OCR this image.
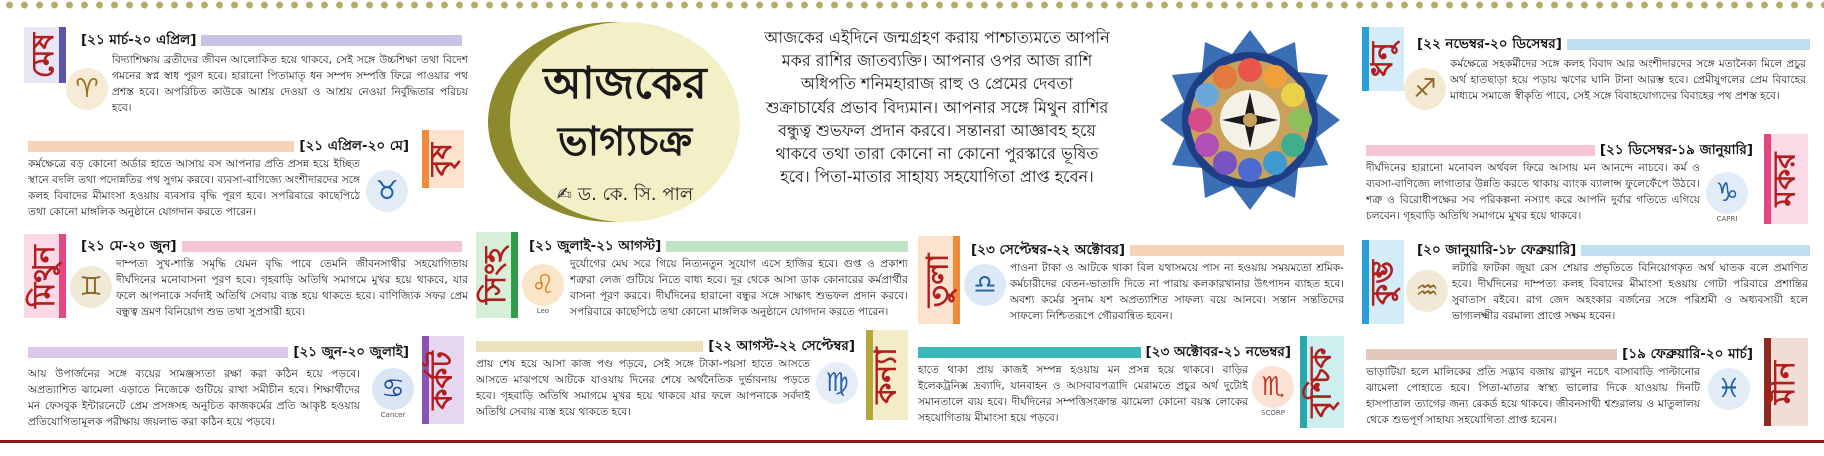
মেষ	[২১ মার্চ-২০ এপ্রিল]
♈
বিদ্যাশিক্ষায় ব্রতীদের জীবন আলোকিত হয়ে থাকবে, সেই সঙ্গে উচ্চশিক্ষা তথা বিদেশ গমনের স্বপ্ন স্বাধ পূরণ হবে। হারানো পিতামাতৃ ধন সম্পদ সম্পত্তি ফিরে পাওয়ার পথ প্রশস্ত হবে। অপরিচিত কাউকে আশ্রয় দেওয়া ও আশ্রয় নেওয়া নির্বুদ্ধিতার পরিচয় হবে।
[২১ এপ্রিল-২০ মে] বৃষ
কর্মক্ষেত্রে বড় কোনো অর্ডার হাতে আসায় বস আপনার প্রতি প্রসন্ন হয়ে ইচ্ছিত স্থানে বদলি তথা পদোন্নতির পথ সুগম করবে। ব্যবসা-বাণিজ্যে অংশীদারদের সঙ্গে কলহ বিবাদের মীমাংসা হওয়ায় ব্যবসার বৃদ্ধি পূরণ হবে। সপরিবারে কাছেপিঠে তথা কোনো মাঙ্গলিক অনুষ্ঠানে যোগদান করতে পারেন।
♉
মিথুন	[২১ মে-২০ জুন]
♊
দাম্পত্য সুখ-শান্তি সমৃদ্ধি যেমন বৃদ্ধি পাবে তেমনি জীবনসাথীর সহযোগিতায় দীর্ঘদিনের মনোবাসনা পূরণ হবে। গৃহবাড়ি অতিথি সমাগমে মুখর হয়ে থাকবে, যার ফলে আপনাকে সর্বদাই অতিথি সেবায় ব্যস্ত হয়ে থাকতে হবে। বাণিজ্যিক সফর প্রেম বন্ধুত্ব ভ্রমণ বিনিয়োগ শুভ তথা সুপ্রসারী হবে।
[২১ জুন-২০ জুলাই] কর্কট
আয় উপার্জনের সঙ্গে ব্যয়ের সামঞ্জস্যতা রক্ষা করা কঠিন হয়ে পড়বে। অপ্রত্যাশিত ঝামেলা এড়াতে নিজেকে গুটিয়ে রাখা সমীচীন হবে। শিক্ষার্থীদের মন ফেসবুক ইন্টারনেটে প্রেম প্রসঙ্গসহ অনুচিত কাজকর্মের প্রতি আকৃষ্ট হওয়ায় প্রতিযোগিতামূলক পরীক্ষায় জয়লাভ করা কঠিন হয়ে পড়বে।
♋
Cancer
আজকের
ভাগ্যচক্র
✍ ড. কে. সি. পাল
আজকের এইদিনে জন্মগ্রহণ করায় পাশ্চাত্যমতে আপনি মকর রাশির জাতব্যক্তি। আপনার ওপর আজ রাশি অধিপতি শনিমহারাজ রাহু ও প্রেমের দেবতা শুক্রাচার্যের প্রভাব বিদ্যমান। আপনার সঙ্গে মিথুন রাশির বন্ধুত্ব শুভফল প্রদান করবে। সন্তানরা আজ্ঞাবহ হয়ে থাকবে তথা তারা কোনো না কোনো পুরস্কারে ভূষিত হবে। পিতা-মাতার সাহায্য সহযোগিতা প্রাপ্ত হবেন।
সিংহ ♌
Leo
[২১ জুলাই-২১ আগস্ট]
দুর্যোগের মেঘ সরে গিয়ে নিত্যনতুন সুযোগ এসে হাজির হবে। গুপ্ত ও প্রকাশ্য শত্রুরা লেজ গুটিয়ে নিতে বাধ্য হবে। দূর থেকে আসা ডাক কোনারের কর্মপ্রার্থীর বাসনা পূরণ করবে। দীর্ঘদিনের হারানো বন্ধুর সঙ্গে সাক্ষাৎ শুভফল প্রদান করবে। সপরিবারে কাছেপিঠে তথা কোনো মাঙ্গলিক অনুষ্ঠানে যোগদান করতে পারেন।
[২২ আগস্ট-২২ সেপ্টেম্বর]
কন্যা
প্রায় শেষ হয়ে আসা কাজ পণ্ড পড়বে, সেই সঙ্গে টাকা-পয়সা হাতে আসতে আসতে মাঝপথে আটকে যাওয়ায় দিনের শেষে অর্থনৈতিক দুর্ভাবনায় পড়তে হবে। গৃহবাড়ি অতিথি সমাগমে মুখর হয়ে থাকবে যার ফলে আপনাকে সর্বদাই অতিথি সেবায় ব্যস্ত হয়ে থাকতে হবে।
♍
তুলা ♎
[২৩ সেপ্টেম্বর-২২ অক্টোবর]
পাওনা টাকা ও আটকে থাকা বিল যথাসময়ে পাস না হওয়ায় সময়মতো শ্রমিক-কর্মচারীদের বেতন-ভাতাদি দিতে না পারায় কলকারখানার উৎপাদন ব্যাহত হবে। অবশ্য কর্মের সুনাম যশ অপ্রত্যাশিত সাফল্য বয়ে আনবে। সন্তান সন্ততিদের সাফল্যে নিশ্চিতরূপে গৌরবান্বিত হবেন।
[২৩ অক্টোবর-২১ নভেম্বর] বৃশ্চিক
হাতে থাকা প্রায় কাজই সম্পন্ন হওয়ায় মন প্রসন্ন হয়ে থাকবে। বাড়ির ইলেকট্রনিক্স দ্রব্যাদি, যানবাহন ও আসবাবপত্রাদি মেরামতে প্রচুর অর্থ দুটোই সমানতালে ব্যয় হবে। দীর্ঘদিনের সম্পত্তিসংক্রান্ত ঝামেলা কোনো বয়স্ক লোকের সহযোগিতায় মীমাংসা হয়ে পড়বে।
♏
SCORP
ধনু	[২২ নভেম্বর-২০ ডিসেম্বর]
♐
কর্মক্ষেত্রে সহকর্মীদের সঙ্গে কলহ বিবাদ আর অংশীদারদের সঙ্গে মতানৈক্য মিলে প্রচুর অর্থ হাতছাড়া হয়ে পড়ায় ঋণের ঘানি টানা আরম্ভ হবে। প্রেমীযুগলের প্রেম বিবাহের মাধ্যমে সমাজে স্বীকৃতি পাবে, সেই সঙ্গে বিবাহযোগ্যদের বিবাহের পথ প্রশস্ত হবে।
[২১ ডিসেম্বর-১৯ জানুয়ারি]
মকর
দীর্ঘদিনের হারানো মনোবল অর্থবল ফিরে আসায় মন আনন্দে নাচবে। কর্ম ও ব্যবসা-বাণিজ্যে লাগাতার উন্নতি করতে থাকায় ব্যাংক ব্যালান্স ফুলেফেঁপে উঠবে। শত্রু ও বিরোধীপক্ষের সব পরিকল্পনা নস্যাৎ করে আপনি দুর্বার গতিতে এগিয়ে চলবেন। গৃহবাড়ি অতিথি সমাগমে মুখর হয়ে থাকবে।
♑
CAPRI
কুম্ভ
[২০ জানুয়ারি-১৮ ফেব্রুয়ারি]
♒
লটারি ফাটকা জুয়া রেস শেয়ার প্রভৃতিতে বিনিয়োগকৃত অর্থ ঘাতক বলে প্রমাণিত হবে। দীর্ঘদিনের দাম্পত্য কলহ বিবাদের মীমাংসা হওয়ায় গোটা পরিবারে প্রশান্তির সুবাতাস বইবে। রাগ জেদ অহংকার বর্জনের সঙ্গে পরিশ্রমী ও অধ্যবসায়ী হলে ভাগ্যলক্ষ্মীর বরমাল্য প্রাপ্তে সক্ষম হবেন।
[১৯ ফেব্রুয়ারি-২০ মার্চ]
মীন
ভাড়াটিয়া হলে মালিকের প্রতি সদ্ভাব বজায় রাখুন নচেৎ বাসাবাড়ি পাল্টানোর ঝামেলা পোহাতে হবে। পিতা-মাতার স্বাস্থ্য ভালোর দিকে যাওয়ায় দিনটি হাসপাতাল ত্যাগের জন্য রেকর্ড হয়ে থাকবে। জীবনসাথী শ্বশুরালয় ও মাতুলালয় থেকে শুভপূর্ণ সাহায্য সহযোগিতা প্রাপ্ত হবেন।
♓
